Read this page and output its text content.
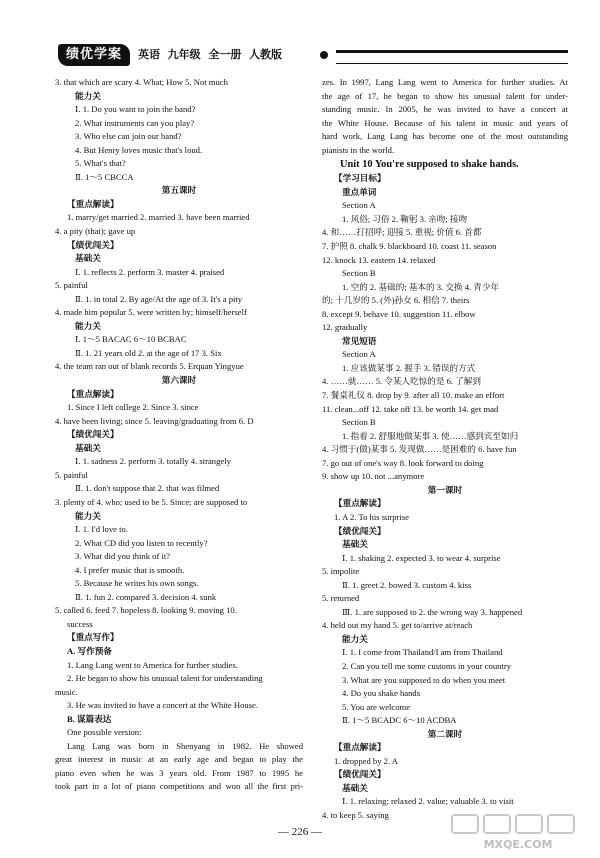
绩优学案	英语  九年级  全一册  人教版
3. that which are scary 4. What; How 5. Not much
能力关
Ⅰ. 1. Do you want to join the band?
2. What instruments can you play?
3. Who else can join our band?
4. But Henry loves music that's loud.
5. What's that?
Ⅱ. 1～5 CBCCA
第五课时
【重点解读】
1. marry/get married 2. married 3. have been married
4. a pity (that); gave up
【绩优闯关】
基础关
Ⅰ. 1. reflects 2. perform 3. master 4. praised
5. painful
Ⅱ. 1. in total 2. By age/At the age of 3. It's a pity
4. made him popular 5. were written by; himself/herself
能力关
Ⅰ. 1～5 BACAC 6～10 BCBAC
Ⅱ. 1. 21 years old 2. at the age of 17 3. Six
4. the team ran out of blank records 5. Erquan Yingyue
第六课时
【重点解读】
1. Since I left college 2. Since 3. since
4. have been living; since 5. leaving/graduating from 6. D
【绩优闯关】
基础关
Ⅰ. 1. sadness 2. perform 3. totally 4. strangely
5. painful
Ⅱ. 1. don't suppose that 2. that was filmed
3. plenty of 4. who; used to be 5. Since; are supposed to
能力关
Ⅰ. 1. I'd love to.
2. What CD did you listen to recently?
3. What did you think of it?
4. I prefer music that is smooth.
5. Because he writes his own songs.
Ⅱ. 1. fun 2. compared 3. decision 4. sunk
5. called 6. feed 7. hopeless 8. looking 9. moving 10.
success
【重点写作】
A. 写作预备
1. Lang Lang went to America for further studies.
2. He began to show his unusual talent for understanding
music.
3. He was invited to have a concert at the White House.
B. 谋篇表达
One possible version:
Lang Lang was born in Shenyang in 1982. He showed
great interest in music at an early age and began to play the
piano even when he was 3 years old. From 1987 to 1995 he
took part in a lot of piano competitions and won all the first pri-
zes. In 1997, Lang Lang went to America for further studies. At
the age of 17, he began to show his unusual talent for under-
standing music. In 2005, he was invited to have a concert at
the White House. Because of his talent in music and years of
hard work, Lang Lang has become one of the most outstanding
pianists in the world.
Unit 10 You're supposed to shake hands.
【学习目标】
重点单词
Section A
1. 风俗; 习俗 2. 鞠躬 3. 亲吻; 接吻
4. 和……打招呼; 迎接 5. 重视; 价值 6. 首都
7. 护照 8. chalk 9. blackboard 10. coast 11. season
12. knock 13. eastern 14. relaxed
Section B
1. 空的 2. 基础的; 基本的 3. 交换 4. 青少年
的; 十几岁的 5. (外)孙女 6. 相信 7. theirs
8. except 9. behave 10. suggestion 11. elbow
12. gradually
常见短语
Section A
1. 应该做某事 2. 握手 3. 错误的方式
4. ……就…… 5. 令某人吃惊的是 6. 了解到
7. 餐桌礼仪 8. drop by 9. after all 10. make an effort
11. clean...off 12. take off 13. be worth 14. get mad
Section B
1. 指着 2. 舒服地做某事 3. 使……感到宾至如归
4. 习惯于(做)某事 5. 发现做……是困难的 6. have fun
7. go out of one's way 8. look forward to doing
9. show up 10. not ...anymore
第一课时
【重点解读】
1. A 2. To his surprise
【绩优闯关】
基础关
Ⅰ. 1. shaking 2. expected 3. to wear 4. surprise
5. impolite
Ⅱ. 1. greet 2. bowed 3. custom 4. kiss
5. returned
Ⅲ. 1. are supposed to 2. the wrong way 3. happened
4. held out my hand 5. get to/arrive at/reach
能力关
Ⅰ. 1. I come from Thailand/I am from Thailand
2. Can you tell me some customs in your country
3. What are you supposed to do when you meet
4. Do you shake hands
5. You are welcome
Ⅱ. 1～5 BCADC 6～10 ACDBA
第二课时
【重点解读】
1. dropped by 2. A
【绩优闯关】
基础关
Ⅰ. 1. relaxing; relaxed 2. value; valuable 3. to visit
4. to keep 5. saying
— 226 —
MXQE.COM
